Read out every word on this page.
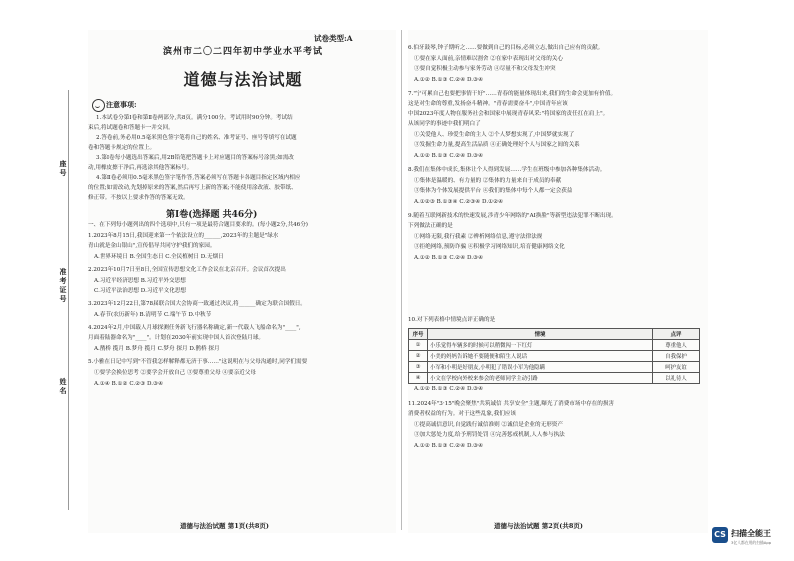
座号
准考证号
姓名
试卷类型:A
滨州市二〇二四年初中学业水平考试
道德与法治试题
注意事项:
1.本试卷分第Ⅰ卷和第Ⅱ卷两部分,共8页。满分100分。考试用时90分钟。考试结
束后,将试题卷和答题卡一并交回。
2.答卷前,务必用0.5毫米黑色签字笔将自己的姓名、准考证号、座号等填写在试题
卷和答题卡规定的位置上。
3.第Ⅰ卷每小题选出答案后,用2B铅笔把答题卡上对应题目的答案标号涂黑;如需改
动,用橡皮擦干净后,再选涂其他答案标号。
4.第Ⅱ卷必须用0.5毫米黑色签字笔作答,答案必须写在答题卡各题目指定区域内相应
的位置;如需改动,先划掉原来的答案,然后再写上新的答案;不能使用涂改液、胶带纸、
修正带。不按以上要求作答的答案无效。
第Ⅰ卷(选择题 共46分)
一、在下列每小题列出的四个选项中,只有一项是最符合题目要求的。(每小题2分,共46分)
1.2023年8月15日,我国迎来第一个依法设立的______,2023年的主题是"绿水
青山就是金山银山",宣传倡导共同守护我们的家园。
A.世界环境日 B.全国生态日 C.全民植树日 D.无烟日
2.2023年10月7日至8日,全国宣传思想文化工作会议在北京召开。会议首次提出
A.习近平经济思想 B.习近平外交思想
C.习近平法治思想 D.习近平文化思想
3.2023年12月22日,第78届联合国大会协商一致通过决议,将______确定为联合国假日。
A.春节(农历新年) B.清明节 C.端午节 D.中秋节
4.2024年2月,中国载人月球探测任务新飞行器名称确定,新一代载人飞船命名为"____",
月面着陆器命名为"____"。计划在2030年前实现中国人首次登陆月球。
A.鹊桥 揽月 B.梦舟 揽月 C.梦舟 探月 D.鹊桥 探月
5.小雅在日记中写到"不管我怎样解释都无济于事……"这说明在与父母沟通时,同学们需要
①要学会换位思考 ②要学会开放自己 ③要尊重父母 ④要亲近父母
A.①④ B.①② C.②③ D.③④
道德与法治试题 第1页(共8页)
6.伯牙鼓琴,钟子期听之……要做到自己的目标,必须立志,做出自己应有的贡献。
①要在家人面前,亲情难以割舍 ②在家中表现出对父母的关心
③要自觉积极主动参与家务劳动 ④尽量不和父母发生冲突
A.①② B.①③ C.②④ D.③④
7."宁可累自己也要把事情干好"……青春的能量体现出来,我们的生命会更加有价值。
这是对生命的尊重,发扬奋斗精神。"青春需要奋斗",中国青年应该
中国2023年度人物在服务社会和国家中展现青春风采:"将国家的责任扛在肩上"。
从该同学的事迹中我们明白了
①关爱他人、珍爱生命的主人 ②个人梦想实现了,中国梦就实现了
③发掘生命力量,提高生活品质 ④正确处理好个人与国家之间的关系
A.①② B.①③ C.②④ D.③④
8.我们在集体中成长,集体让个人得到发展……学生在班级中参加各种集体活动。
①集体是温暖的、有力量的 ②集体的力量来自于成员的奉献
③集体为个体发展提供平台 ④我们的集体中每个人都一定会获益
A.①②③ B.①③④ C.②③④ D.①②④
9.随着互联网新技术的快速发展,涉青少年网络的"AI换脸"等新型违法犯罪不断出现。
下列做法正确的是
①网络无限,我行我素 ②辨析网络信息,遵守法律法规
③拒绝网络,预防诈骗 ④积极学习网络知识,培育健康网络文化
A.①② B.①③ C.②④ D.③④
10.对下列表格中情境点评正确的是
序号	情境	点评
①	小乐觉得车辆多的时候可以稍微闯一下红灯	尊重他人
②	小美的妈妈告诉她不要随便和陌生人说话	自我保护
③	小军和小明是好朋友,小明犯了错误小军为他隐瞒	呵护友谊
④	小文在学校向外校来参会的老师同学主动引路	以礼待人
A.①② B.①③ C.②④ D.③④
11.2024年"3·15"晚会聚焦"共筑诚信 共享安全"主题,曝光了消费市场中存在的损害
消费者权益的行为。对于这些乱象,我们应该
①提高诚信意识,自觉践行诚信准则 ②诚信是企业的无形资产
③加大惩处力度,给予刑罚处罚 ④完善惩戒机制,人人参与执法
A.①② B.①③ C.②④ D.③④
道德与法治试题 第2页(共8页)
CS 扫描全能王
3亿人都在用的扫描App
